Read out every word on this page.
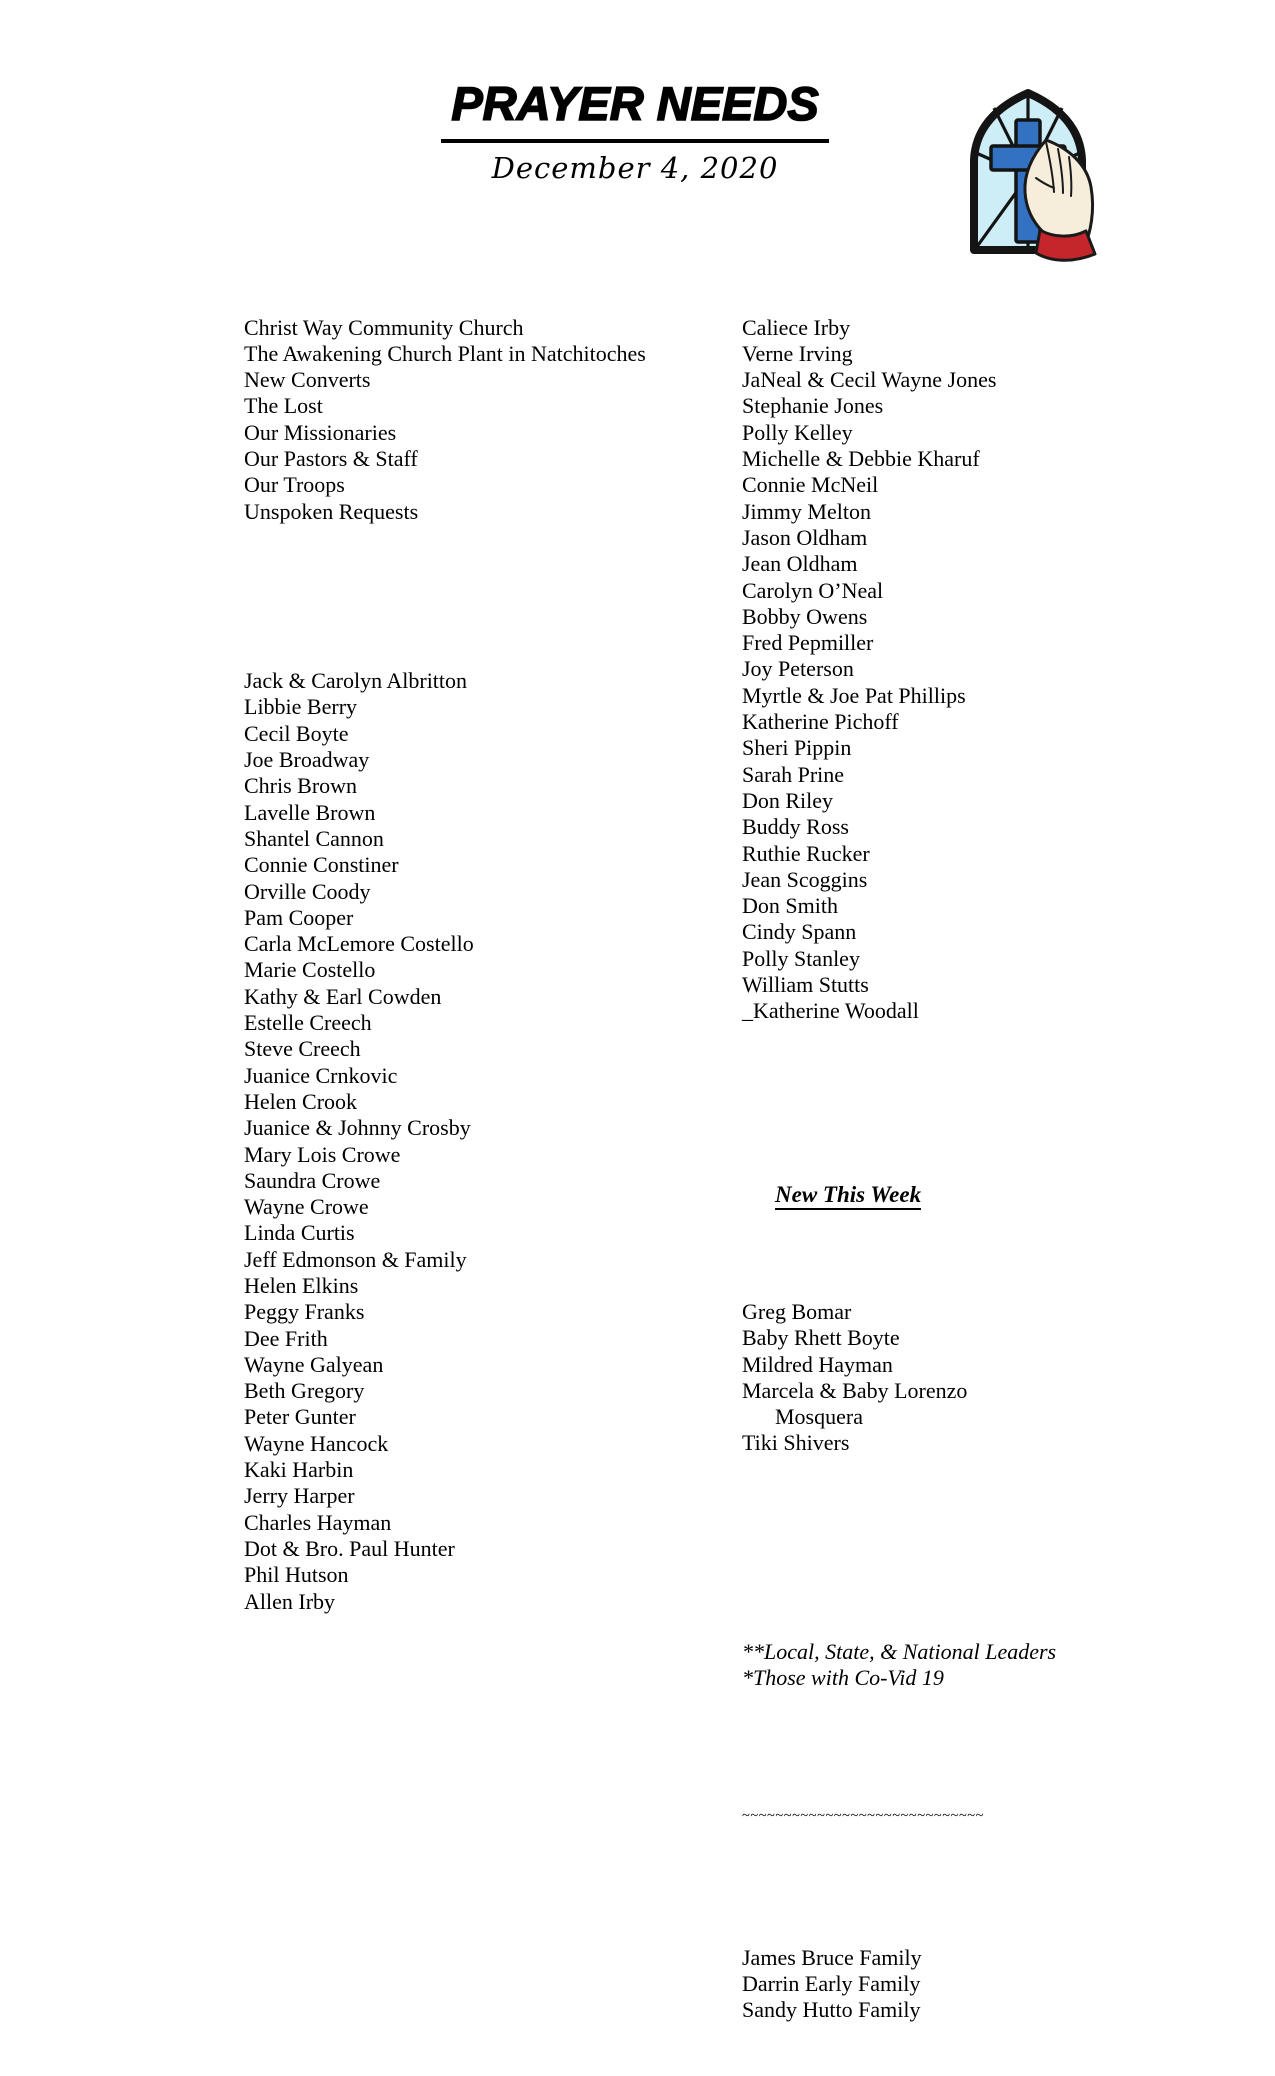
PRAYER NEEDS
December 4, 2020

Christ Way Community Church
The Awakening Church Plant in Natchitoches
New Converts
The Lost
Our Missionaries
Our Pastors & Staff
Our Troops
Unspoken Requests

Jack & Carolyn Albritton
Libbie Berry
Cecil Boyte
Joe Broadway
Chris Brown
Lavelle Brown
Shantel Cannon
Connie Constiner
Orville Coody
Pam Cooper
Carla McLemore Costello
Marie Costello
Kathy & Earl Cowden
Estelle Creech
Steve Creech
Juanice Crnkovic
Helen Crook
Juanice & Johnny Crosby
Mary Lois Crowe
Saundra Crowe
Wayne Crowe
Linda Curtis
Jeff Edmonson & Family
Helen Elkins
Peggy Franks
Dee Frith
Wayne Galyean
Beth Gregory
Peter Gunter
Wayne Hancock
Kaki Harbin
Jerry Harper
Charles Hayman
Dot & Bro. Paul Hunter
Phil Hutson
Allen Irby

Caliece Irby
Verne Irving
JaNeal & Cecil Wayne Jones
Stephanie Jones
Polly Kelley
Michelle & Debbie Kharuf
Connie McNeil
Jimmy Melton
Jason Oldham
Jean Oldham
Carolyn O’Neal
Bobby Owens
Fred Pepmiller
Joy Peterson
Myrtle & Joe Pat Phillips
Katherine Pichoff
Sheri Pippin
Sarah Prine
Don Riley
Buddy Ross
Ruthie Rucker
Jean Scoggins
Don Smith
Cindy Spann
Polly Stanley
William Stutts
_Katherine Woodall

New This Week

Greg Bomar
Baby Rhett Boyte
Mildred Hayman
Marcela & Baby Lorenzo
Mosquera
Tiki Shivers

**Local, State, & National Leaders
*Those with Co-Vid 19

~~~~~~~~~~~~~~~~~~~~~~~~~~~~~

James Bruce Family
Darrin Early Family
Sandy Hutto Family
